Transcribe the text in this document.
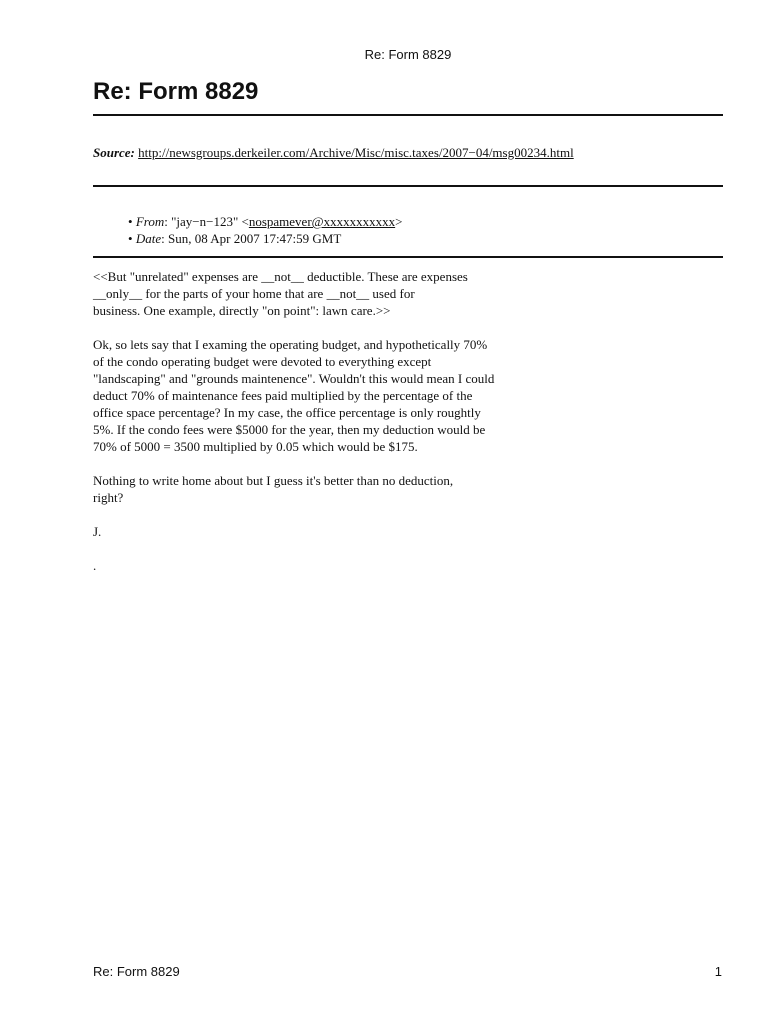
Re: Form 8829
Re: Form 8829
Source: http://newsgroups.derkeiler.com/Archive/Misc/misc.taxes/2007−04/msg00234.html
• From: "jay−n−123" <nospamever@xxxxxxxxxxx>
• Date: Sun, 08 Apr 2007 17:47:59 GMT

<<But "unrelated" expenses are __not__ deductible. These are expenses
__only__ for the parts of your home that are __not__ used for
business. One example, directly "on point": lawn care.>>

Ok, so lets say that I examing the operating budget, and hypothetically 70%
of the condo operating budget were devoted to everything except
"landscaping" and "grounds maintenence". Wouldn't this would mean I could
deduct 70% of maintenance fees paid multiplied by the percentage of the
office space percentage? In my case, the office percentage is only roughtly
5%. If the condo fees were $5000 for the year, then my deduction would be
70% of 5000 = 3500 multiplied by 0.05 which would be $175.

Nothing to write home about but I guess it's better than no deduction,
right?

J.

.

Re: Form 8829	1
